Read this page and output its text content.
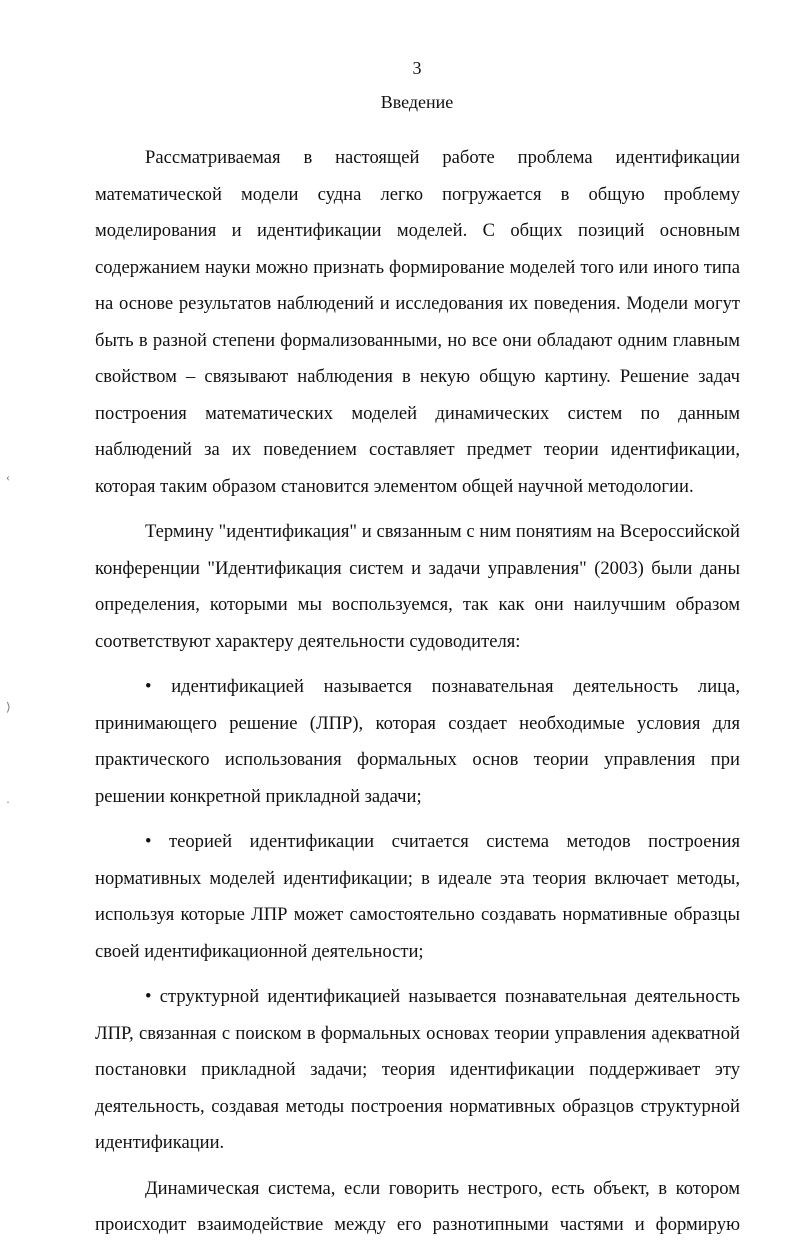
3
Введение

Рассматриваемая в настоящей работе проблема идентификации математической модели судна легко погружается в общую проблему моделирования и идентификации моделей. С общих позиций основным содержанием науки можно признать формирование моделей того или иного типа на основе результатов наблюдений и исследования их поведения. Модели могут быть в разной степени формализованными, но все они обладают одним главным свойством – связывают наблюдения в некую общую картину. Решение задач построения математических моделей динамических систем по данным наблюдений за их поведением составляет предмет теории идентификации, которая таким образом становится элементом общей научной методологии.

Термину "идентификация" и связанным с ним понятиям на Всероссийской конференции "Идентификация систем и задачи управления" (2003) были даны определения, которыми мы воспользуемся, так как они наилучшим образом соответствуют характеру деятельности судоводителя:

• идентификацией называется познавательная деятельность лица, принимающего решение (ЛПР), которая создает необходимые условия для практического использования формальных основ теории управления при решении конкретной прикладной задачи;

• теорией идентификации считается система методов построения нормативных моделей идентификации; в идеале эта теория включает методы, используя которые ЛПР может самостоятельно создавать нормативные образцы своей идентификационной деятельности;

• структурной идентификацией называется познавательная деятельность ЛПР, связанная с поиском в формальных основах теории управления адекватной постановки прикладной задачи; теория идентификации поддерживает эту деятельность, создавая методы построения нормативных образцов структурной идентификации.

Динамическая система, если говорить нестрого, есть объект, в котором происходит взаимодействие между его разнотипными частями и формирую

‹
⟩
·
